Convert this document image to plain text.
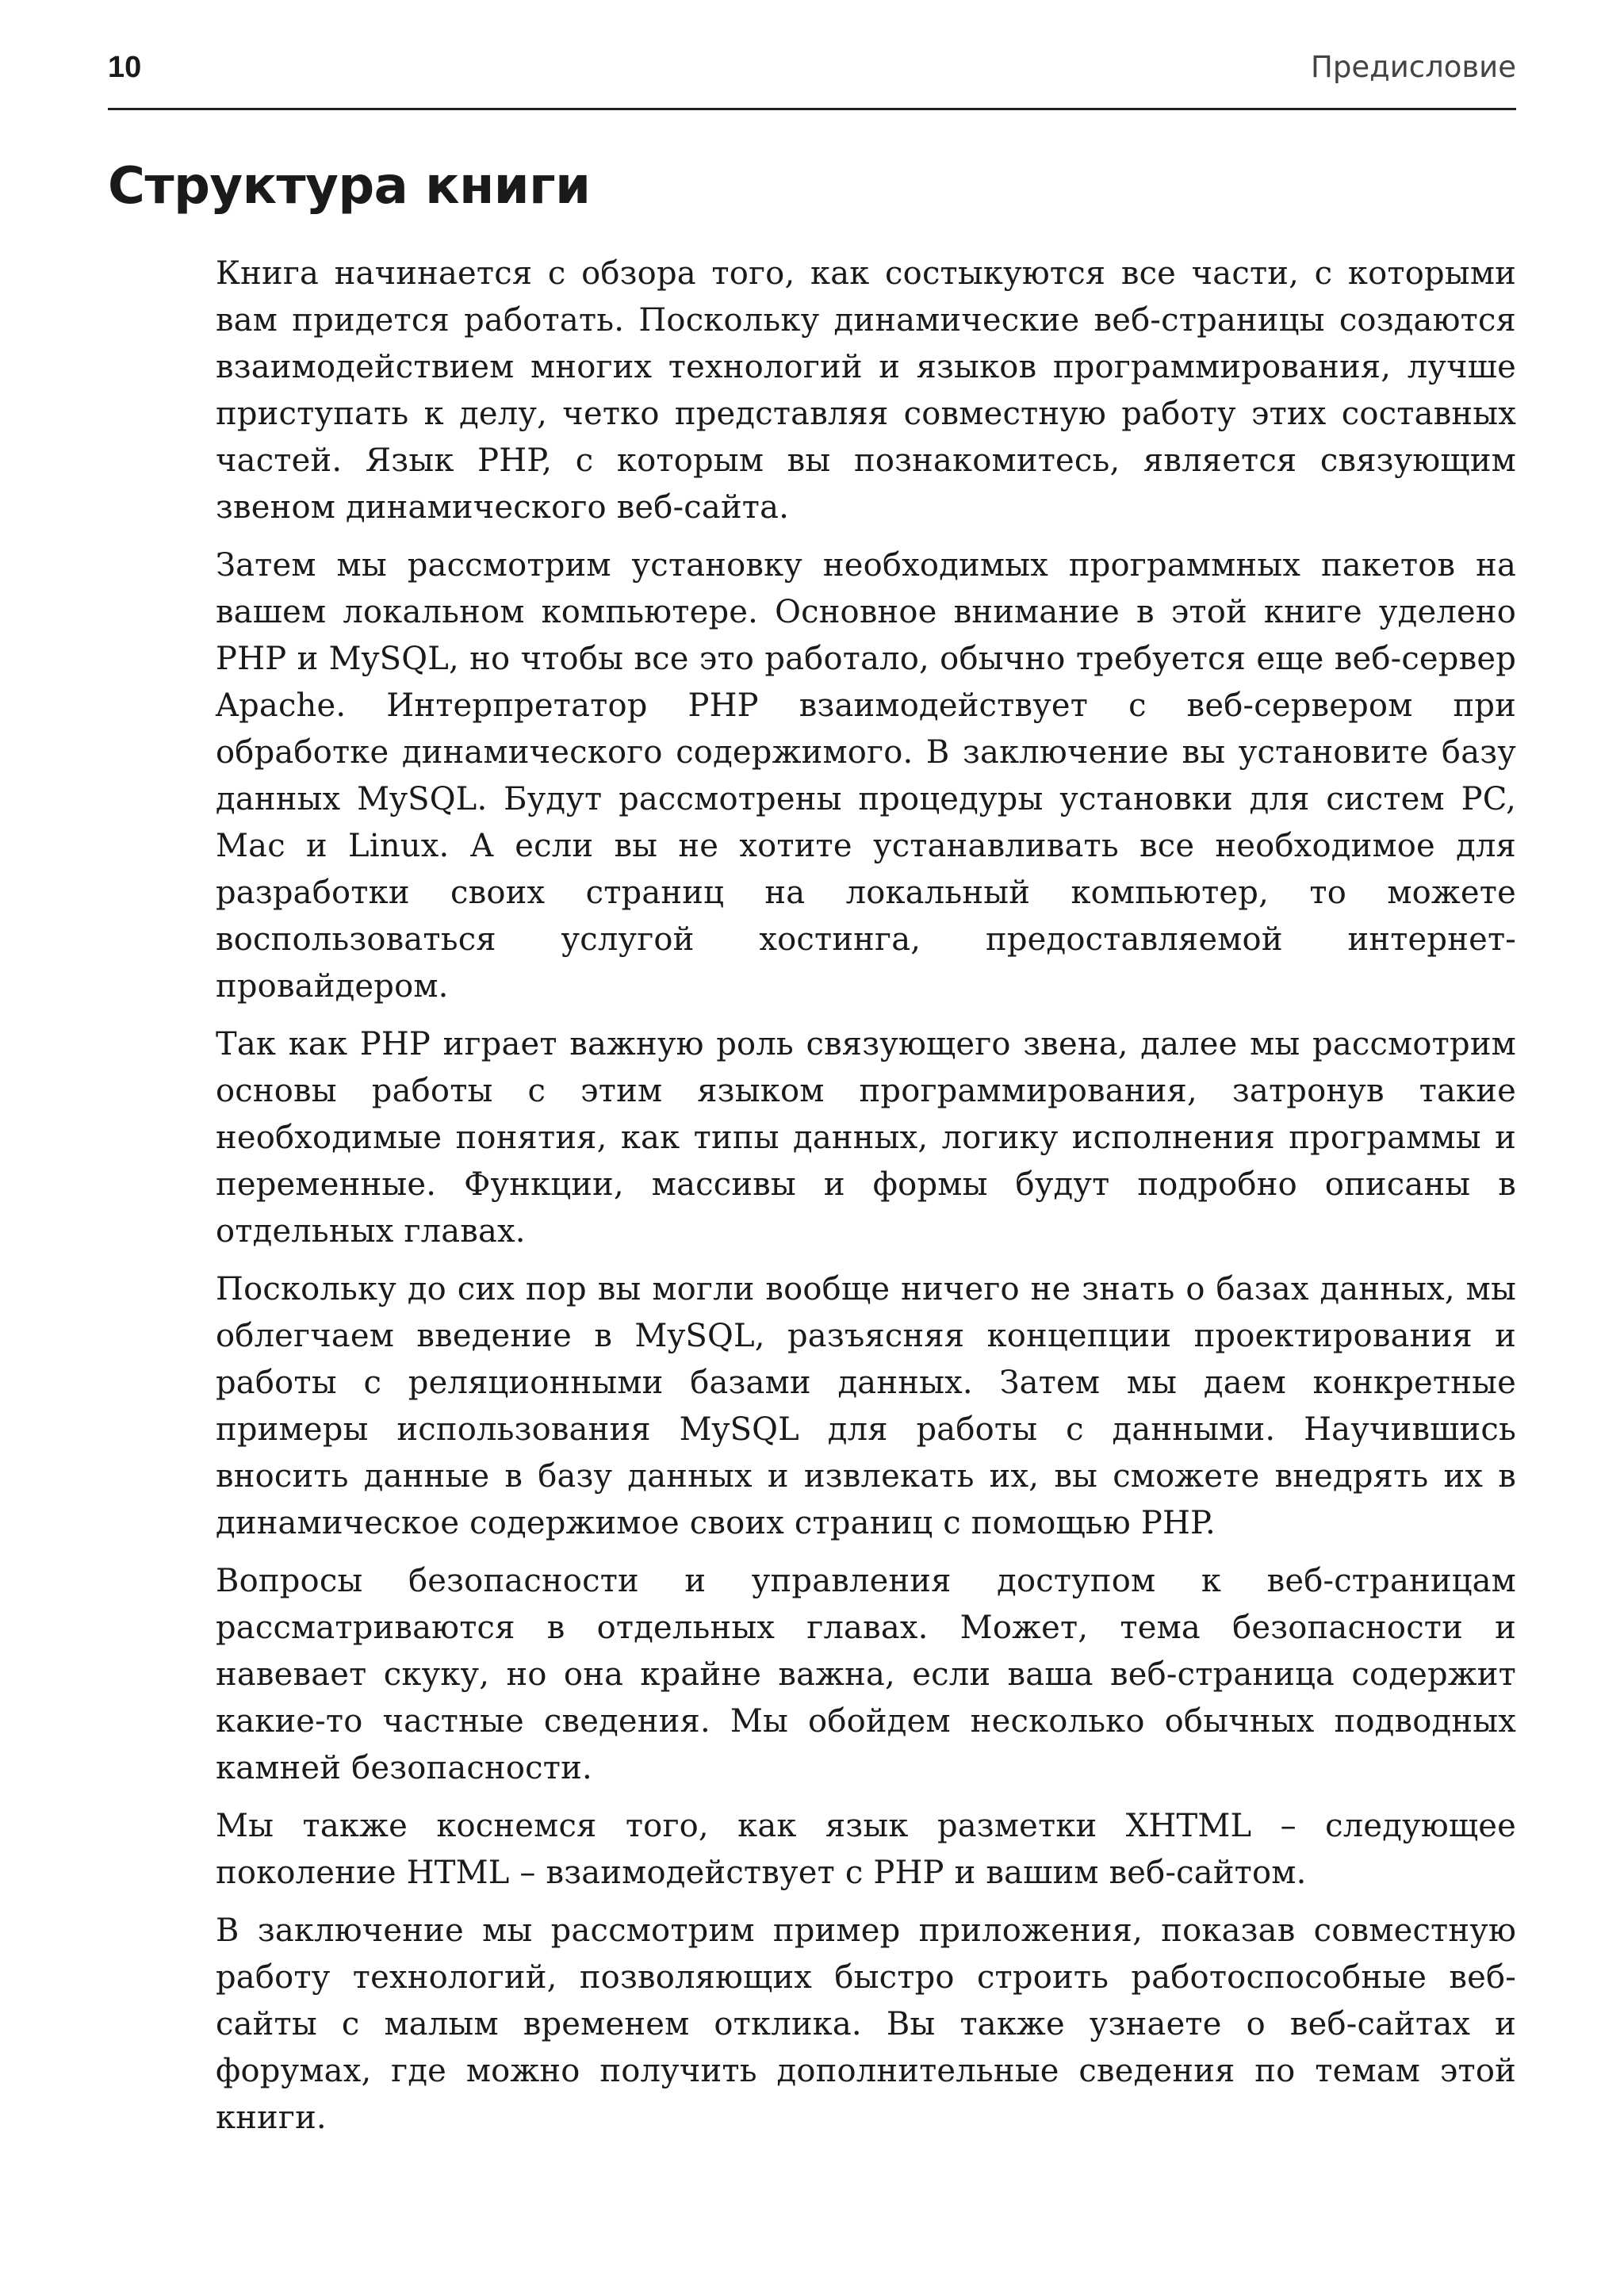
10	Предисловие
Структура книги

Книга начинается с обзора того, как состыкуются все части, с которыми вам придется работать. Поскольку динамические веб-страницы создаются взаимодействием многих технологий и языков программирования, лучше приступать к делу, четко представляя совместную работу этих составных частей. Язык PHP, с которым вы познакомитесь, является связующим звеном динамического веб-сайта.

Затем мы рассмотрим установку необходимых программных пакетов на вашем локальном компьютере. Основное внимание в этой книге уделено PHP и MySQL, но чтобы все это работало, обычно требуется еще веб-сервер Apache. Интерпретатор PHP взаимодействует с веб-сервером при обработке динамического содержимого. В заключение вы установите базу данных MySQL. Будут рассмотрены процедуры установки для систем PC, Mac и Linux. А если вы не хотите устанавливать все необходимое для разработки своих страниц на локальный компьютер, то можете воспользоваться услугой хостинга, предоставляемой интернет-провайдером.

Так как PHP играет важную роль связующего звена, далее мы рассмотрим основы работы с этим языком программирования, затронув такие необходимые понятия, как типы данных, логику исполнения программы и переменные. Функции, массивы и формы будут подробно описаны в отдельных главах.

Поскольку до сих пор вы могли вообще ничего не знать о базах данных, мы облегчаем введение в MySQL, разъясняя концепции проектирования и работы с реляционными базами данных. Затем мы даем конкретные примеры использования MySQL для работы с данными. Научившись вносить данные в базу данных и извлекать их, вы сможете внедрять их в динамическое содержимое своих страниц с помощью PHP.

Вопросы безопасности и управления доступом к веб-страницам рассматриваются в отдельных главах. Может, тема безопасности и навевает скуку, но она крайне важна, если ваша веб-страница содержит какие-то частные сведения. Мы обойдем несколько обычных подводных камней безопасности.

Мы также коснемся того, как язык разметки XHTML – следующее поколение HTML – взаимодействует с PHP и вашим веб-сайтом.

В заключение мы рассмотрим пример приложения, показав совместную работу технологий, позволяющих быстро строить работоспособные веб-сайты с малым временем отклика. Вы также узнаете о веб-сайтах и форумах, где можно получить дополнительные сведения по темам этой книги.
